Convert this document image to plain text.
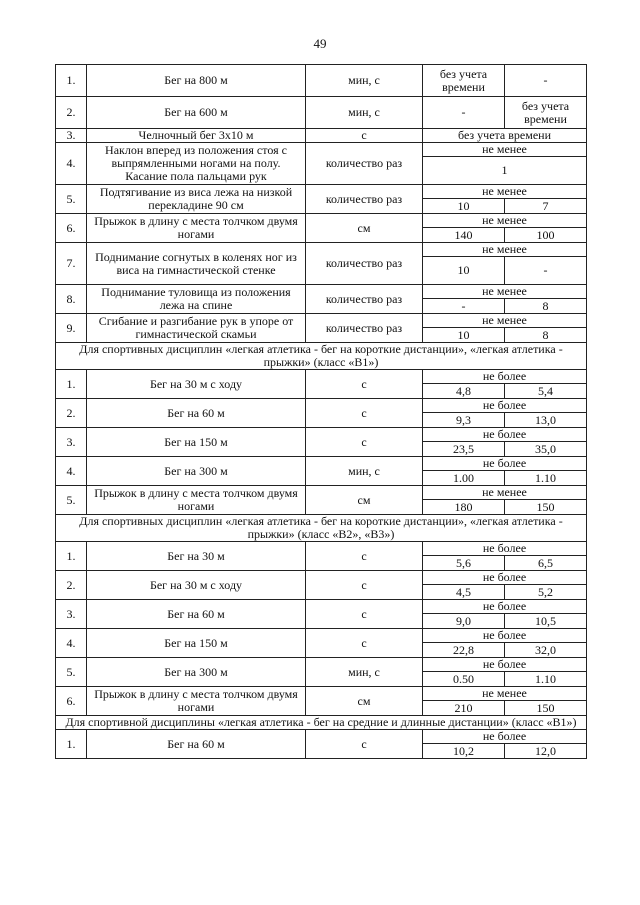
49
1.	Бег на 800 м	мин, с	без учета времени	-
2.	Бег на 600 м	мин, с	-	без учета времени
3.	Челночный бег 3х10 м	с	без учета времени	
4.	Наклон вперед из положения стоя с выпрямленными ногами на полу. Касание пола пальцами рук	количество раз	не менее	
			1	
5.	Подтягивание из виса лежа на низкой перекладине 90 см	количество раз	не менее	
			10	7
6.	Прыжок в длину с места толчком двумя ногами	см	не менее	
			140	100
7.	Поднимание согнутых в коленях ног из виса на гимнастической стенке	количество раз	не менее	
			10	-
8.	Поднимание туловища из положения лежа на спине	количество раз	не менее	
			-	8
9.	Сгибание и разгибание рук в упоре от гимнастической скамьи	количество раз	не менее	
			10	8
Для спортивных дисциплин «легкая атлетика - бег на короткие дистанции», «легкая атлетика - прыжки» (класс «В1»)				
1.	Бег на 30 м с ходу	с	не более	
			4,8	5,4
2.	Бег на 60 м	с	не более	
			9,3	13,0
3.	Бег на 150 м	с	не более	
			23,5	35,0
4.	Бег на 300 м	мин, с	не более	
			1.00	1.10
5.	Прыжок в длину с места толчком двумя ногами	см	не менее	
			180	150
Для спортивных дисциплин «легкая атлетика - бег на короткие дистанции», «легкая атлетика - прыжки» (класс «В2», «В3»)				
1.	Бег на 30 м	с	не более	
			5,6	6,5
2.	Бег на 30 м с ходу	с	не более	
			4,5	5,2
3.	Бег на 60 м	с	не более	
			9,0	10,5
4.	Бег на 150 м	с	не более	
			22,8	32,0
5.	Бег на 300 м	мин, с	не более	
			0.50	1.10
6.	Прыжок в длину с места толчком двумя ногами	см	не менее	
			210	150
Для спортивной дисциплины «легкая атлетика - бег на средние и длинные дистанции» (класс «В1»)				
1.	Бег на 60 м	с	не более	
			10,2	12,0
